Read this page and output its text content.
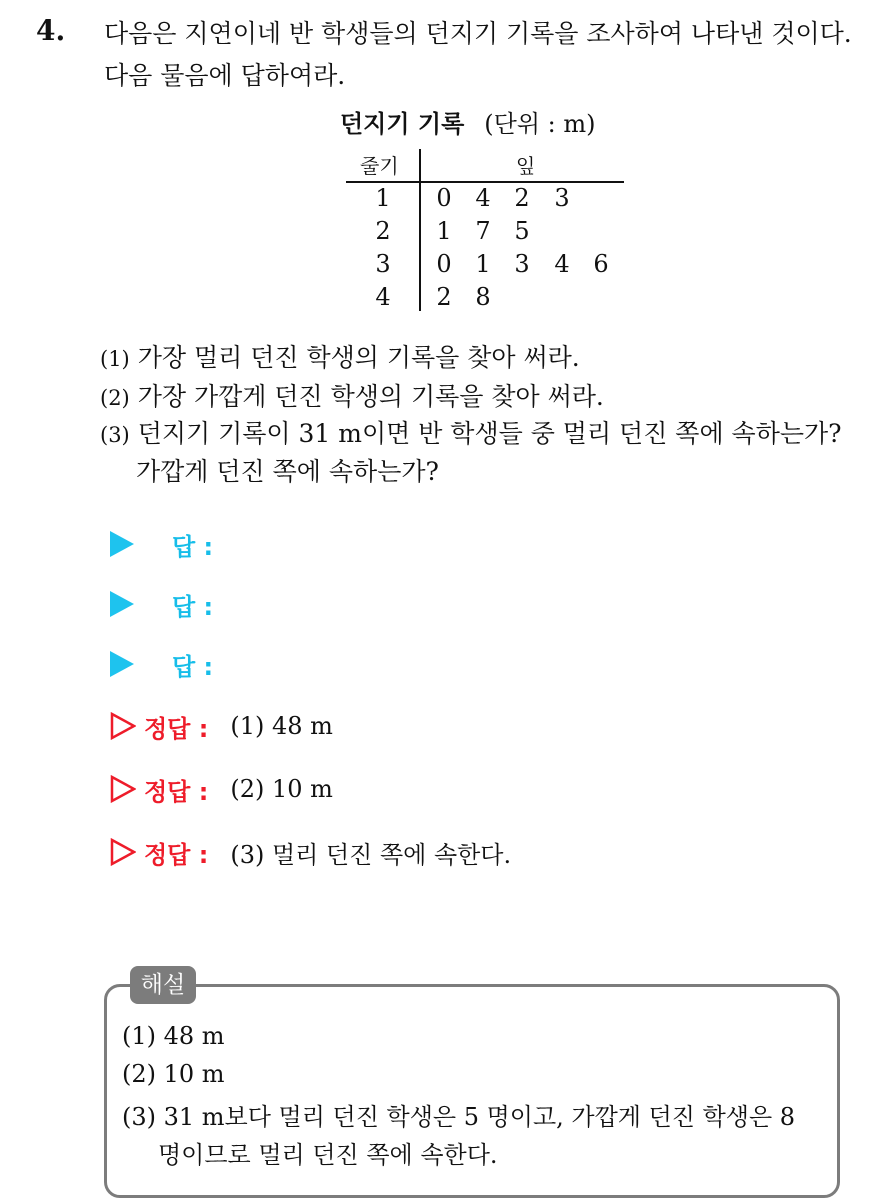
4. 다음은 지연이네 반 학생들의 던지기 기록을 조사하여 나타낸 것이다.
다음 물음에 답하여라.
던지기 기록 (단위 : m)
줄기	잎
1 0 4 2 3
2 1 7 5
3 0 1 3 4 6
4 2 8
(1) 가장 멀리 던진 학생의 기록을 찾아 써라.
(2) 가장 가깝게 던진 학생의 기록을 찾아 써라.
(3) 던지기 기록이 31 m이면 반 학생들 중 멀리 던진 쪽에 속하는가?
가깝게 던진 쪽에 속하는가?
답 :
답 :
답 :
정답 : (1) 48 m
정답 : (2) 10 m
정답 : (3) 멀리 던진 쪽에 속한다.
해설
(1) 48 m
(2) 10 m
(3) 31 m보다 멀리 던진 학생은 5 명이고, 가깝게 던진 학생은 8
명이므로 멀리 던진 쪽에 속한다.
